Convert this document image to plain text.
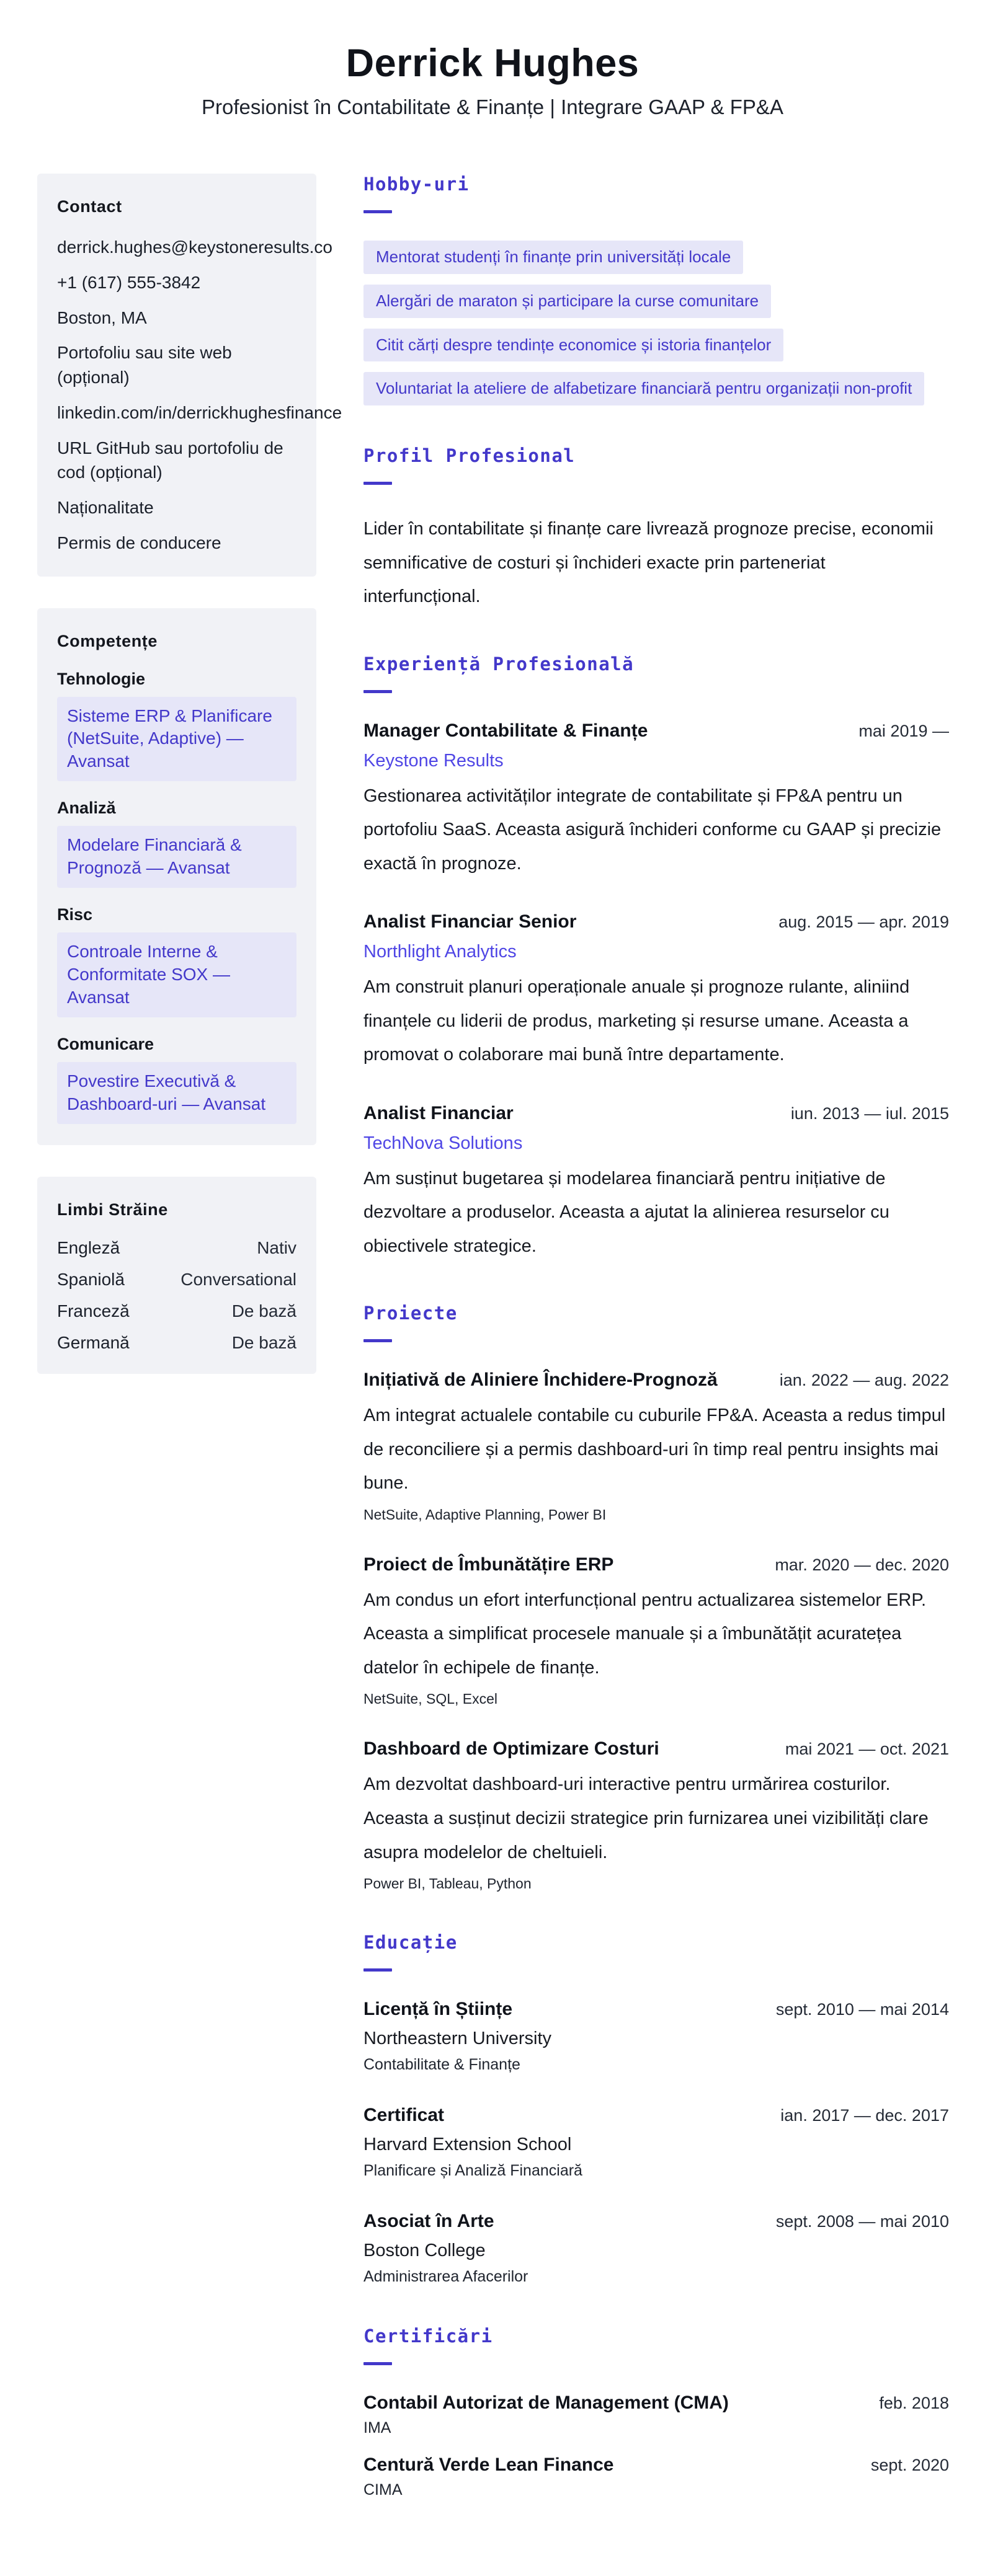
Derrick Hughes
Profesionist în Contabilitate & Finanțe | Integrare GAAP & FP&A
Contact
derrick.hughes@keystoneresults.co
+1 (617) 555-3842
Boston, MA
Portofoliu sau site web (opțional)
linkedin.com/in/derrickhughesfinance
URL GitHub sau portofoliu de cod (opțional)
Naționalitate
Permis de conducere
Competențe
Tehnologie
Sisteme ERP & Planificare (NetSuite, Adaptive) — Avansat
Analiză
Modelare Financiară & Prognoză — Avansat
Risc
Controale Interne & Conformitate SOX — Avansat
Comunicare
Povestire Executivă & Dashboard-uri — Avansat
Limbi Străine
Engleză	Nativ
Spaniolă	Conversational
Franceză	De bază
Germană	De bază
Hobby-uri
Mentorat studenți în finanțe prin universități locale
Alergări de maraton și participare la curse comunitare
Citit cărți despre tendințe economice și istoria finanțelor
Voluntariat la ateliere de alfabetizare financiară pentru organizații non-profit
Profil Profesional

Lider în contabilitate și finanțe care livrează prognoze precise, economii semnificative de costuri și închideri exacte prin parteneriat interfuncțional.

Experiență Profesională
Manager Contabilitate & Finanțe	mai 2019 —
Keystone Results
Gestionarea activităților integrate de contabilitate și FP&A pentru un portofoliu SaaS. Aceasta asigură închideri conforme cu GAAP și precizie exactă în prognoze.
Analist Financiar Senior	aug. 2015 — apr. 2019
Northlight Analytics
Am construit planuri operaționale anuale și prognoze rulante, aliniind finanțele cu liderii de produs, marketing și resurse umane. Aceasta a promovat o colaborare mai bună între departamente.
Analist Financiar	iun. 2013 — iul. 2015
TechNova Solutions
Am susținut bugetarea și modelarea financiară pentru inițiative de dezvoltare a produselor. Aceasta a ajutat la alinierea resurselor cu obiectivele strategice.
Proiecte
Inițiativă de Aliniere Închidere-Prognoză	ian. 2022 — aug. 2022
Am integrat actualele contabile cu cuburile FP&A. Aceasta a redus timpul de reconciliere și a permis dashboard-uri în timp real pentru insights mai bune.
NetSuite, Adaptive Planning, Power BI
Proiect de Îmbunătățire ERP	mar. 2020 — dec. 2020
Am condus un efort interfuncțional pentru actualizarea sistemelor ERP. Aceasta a simplificat procesele manuale și a îmbunătățit acuratețea datelor în echipele de finanțe.
NetSuite, SQL, Excel
Dashboard de Optimizare Costuri	mai 2021 — oct. 2021
Am dezvoltat dashboard-uri interactive pentru urmărirea costurilor. Aceasta a susținut decizii strategice prin furnizarea unei vizibilități clare asupra modelelor de cheltuieli.
Power BI, Tableau, Python
Educație
Licență în Științe	sept. 2010 — mai 2014
Northeastern University
Contabilitate & Finanțe
Certificat	ian. 2017 — dec. 2017
Harvard Extension School
Planificare și Analiză Financiară
Asociat în Arte	sept. 2008 — mai 2010
Boston College
Administrarea Afacerilor
Certificări
Contabil Autorizat de Management (CMA)	feb. 2018
IMA
Centură Verde Lean Finance	sept. 2020
CIMA
